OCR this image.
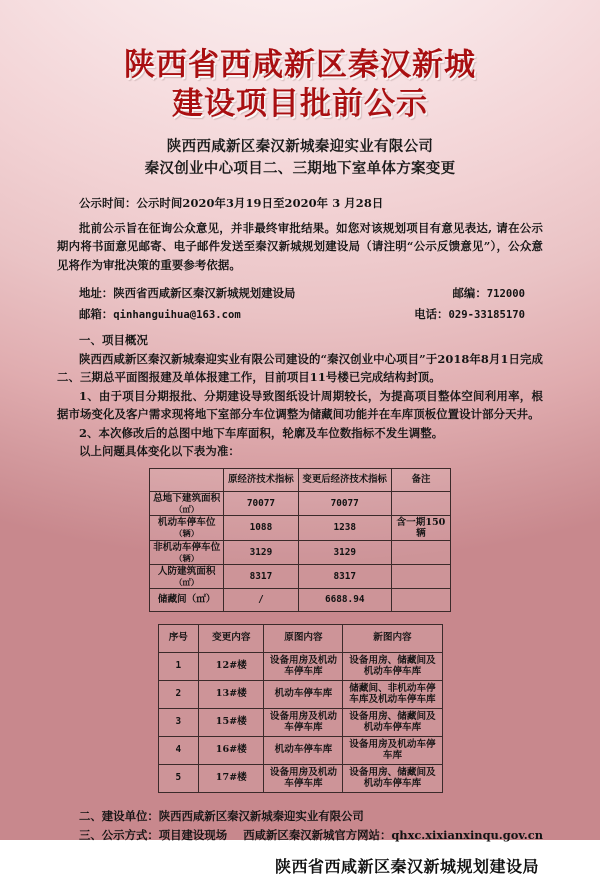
陕西省西咸新区秦汉新城
建设项目批前公示
陕西西咸新区秦汉新城秦迎实业有限公司
秦汉创业中心项目二、三期地下室单体方案变更
公示时间：公示时间2020年3月19日至2020年 3 月28日
批前公示旨在征询公众意见，并非最终审批结果。如您对该规划项目有意见表达, 请在公示期内将书面意见邮寄、电子邮件发送至秦汉新城规划建设局（请注明“公示反馈意见”），公众意见将作为审批决策的重要参考依据。
地址：陕西省西咸新区秦汉新城规划建设局	邮编：712000
邮箱：qinhanguihua@163.com	电话：029-33185170
一、项目概况
陕西西咸新区秦汉新城秦迎实业有限公司建设的“秦汉创业中心项目”于2018年8月1日完成二、三期总平面图报建及单体报建工作，目前项目11号楼已完成结构封顶。
1、由于项目分期报批、分期建设导致图纸设计周期较长，为提高项目整体空间利用率，根据市场变化及客户需求现将地下室部分车位调整为储藏间功能并在车库顶板位置设计部分天井。
2、本次修改后的总图中地下车库面积，轮廓及车位数指标不发生调整。
以上问题具体变化以下表为准：
	原经济技术指标	变更后经济技术指标	备注
总地下建筑面积
（㎡）	70077	70077	
机动车停车位
（辆）	1088	1238	含一期150辆
非机动车停车位
（辆）	3129	3129	
人防建筑面积
（㎡）	8317	8317	
储藏间（㎡）	/	6688.94	
序号	变更内容	原图内容	新图内容
1	12#楼	设备用房及机动车停车库	设备用房、储藏间及机动车停车库
2	13#楼	机动车停车库	储藏间、非机动车停车库及机动车停车库
3	15#楼	设备用房及机动车停车库	设备用房、储藏间及机动车停车库
4	16#楼	机动车停车库	设备用房及机动车停车库
5	17#楼	设备用房及机动车停车库	设备用房、储藏间及机动车停车库
二、建设单位：陕西西咸新区秦汉新城秦迎实业有限公司
三、公示方式：项目建设现场	西咸新区秦汉新城官方网站：qhxc.xixianxinqu.gov.cn
陕西省西咸新区秦汉新城规划建设局
